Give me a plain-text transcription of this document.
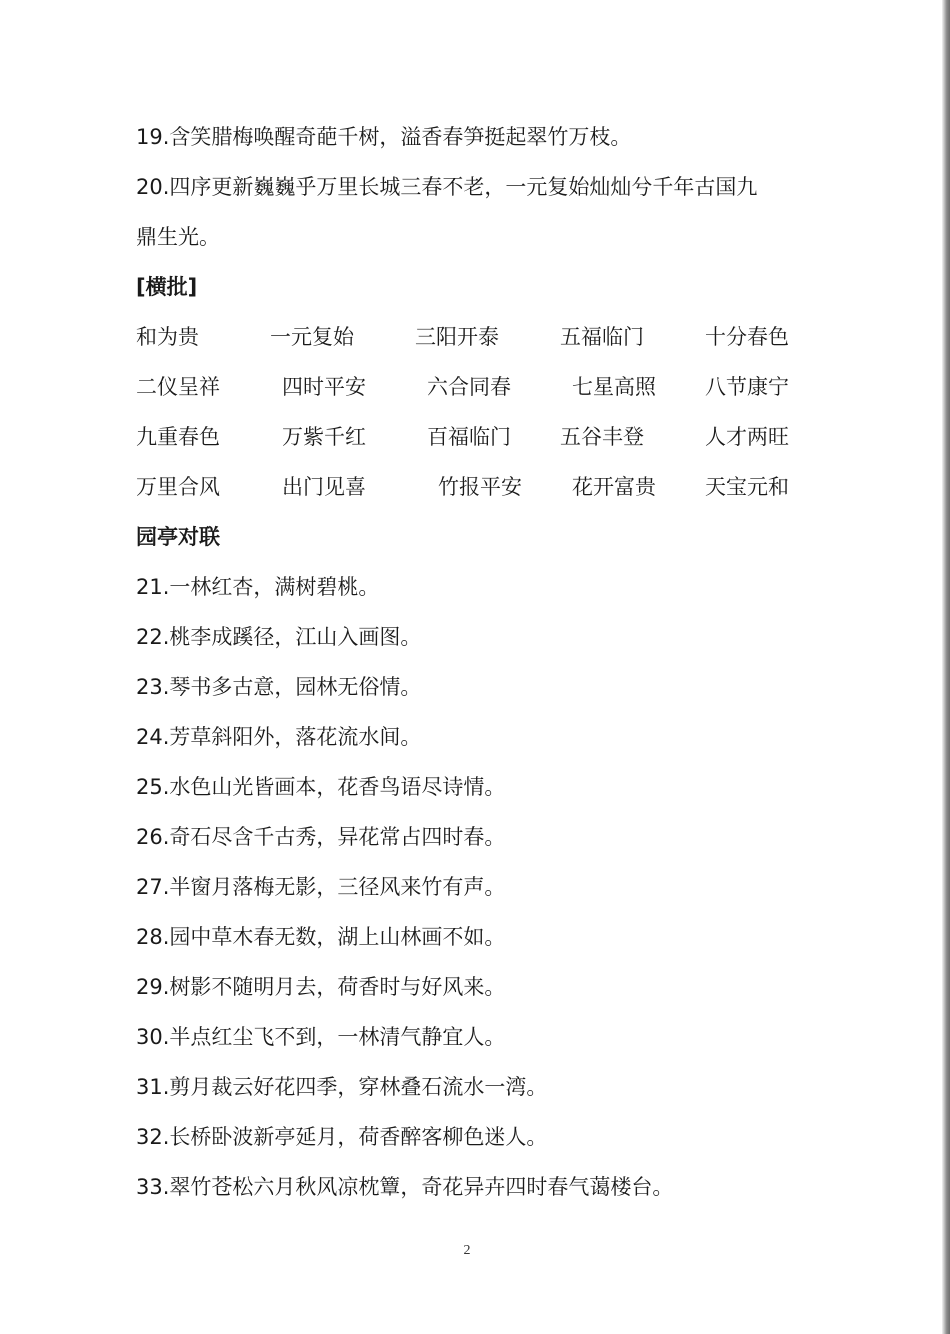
19.含笑腊梅唤醒奇葩千树，溢香春笋挺起翠竹万枝。
20.四序更新巍巍乎万里长城三春不老，一元复始灿灿兮千年古国九
鼎生光。
[横批]
和为贵	一元复始	三阳开泰	五福临门	十分春色
二仪呈祥	四时平安	六合同春	七星高照 八节康宁
九重春色	万紫千红	百福临门 五谷丰登	人才两旺
万里合风	出门见喜	竹报平安 花开富贵 天宝元和
园亭对联
21.一林红杏，满树碧桃。
22.桃李成蹊径，江山入画图。
23.琴书多古意，园林无俗情。
24.芳草斜阳外，落花流水间。
25.水色山光皆画本，花香鸟语尽诗情。
26.奇石尽含千古秀，异花常占四时春。
27.半窗月落梅无影，三径风来竹有声。
28.园中草木春无数，湖上山林画不如。
29.树影不随明月去，荷香时与好风来。
30.半点红尘飞不到，一林清气静宜人。
31.剪月裁云好花四季，穿林叠石流水一湾。
32.长桥卧波新亭延月，荷香醉客柳色迷人。
33.翠竹苍松六月秋风凉枕簟，奇花异卉四时春气蔼楼台。
2
